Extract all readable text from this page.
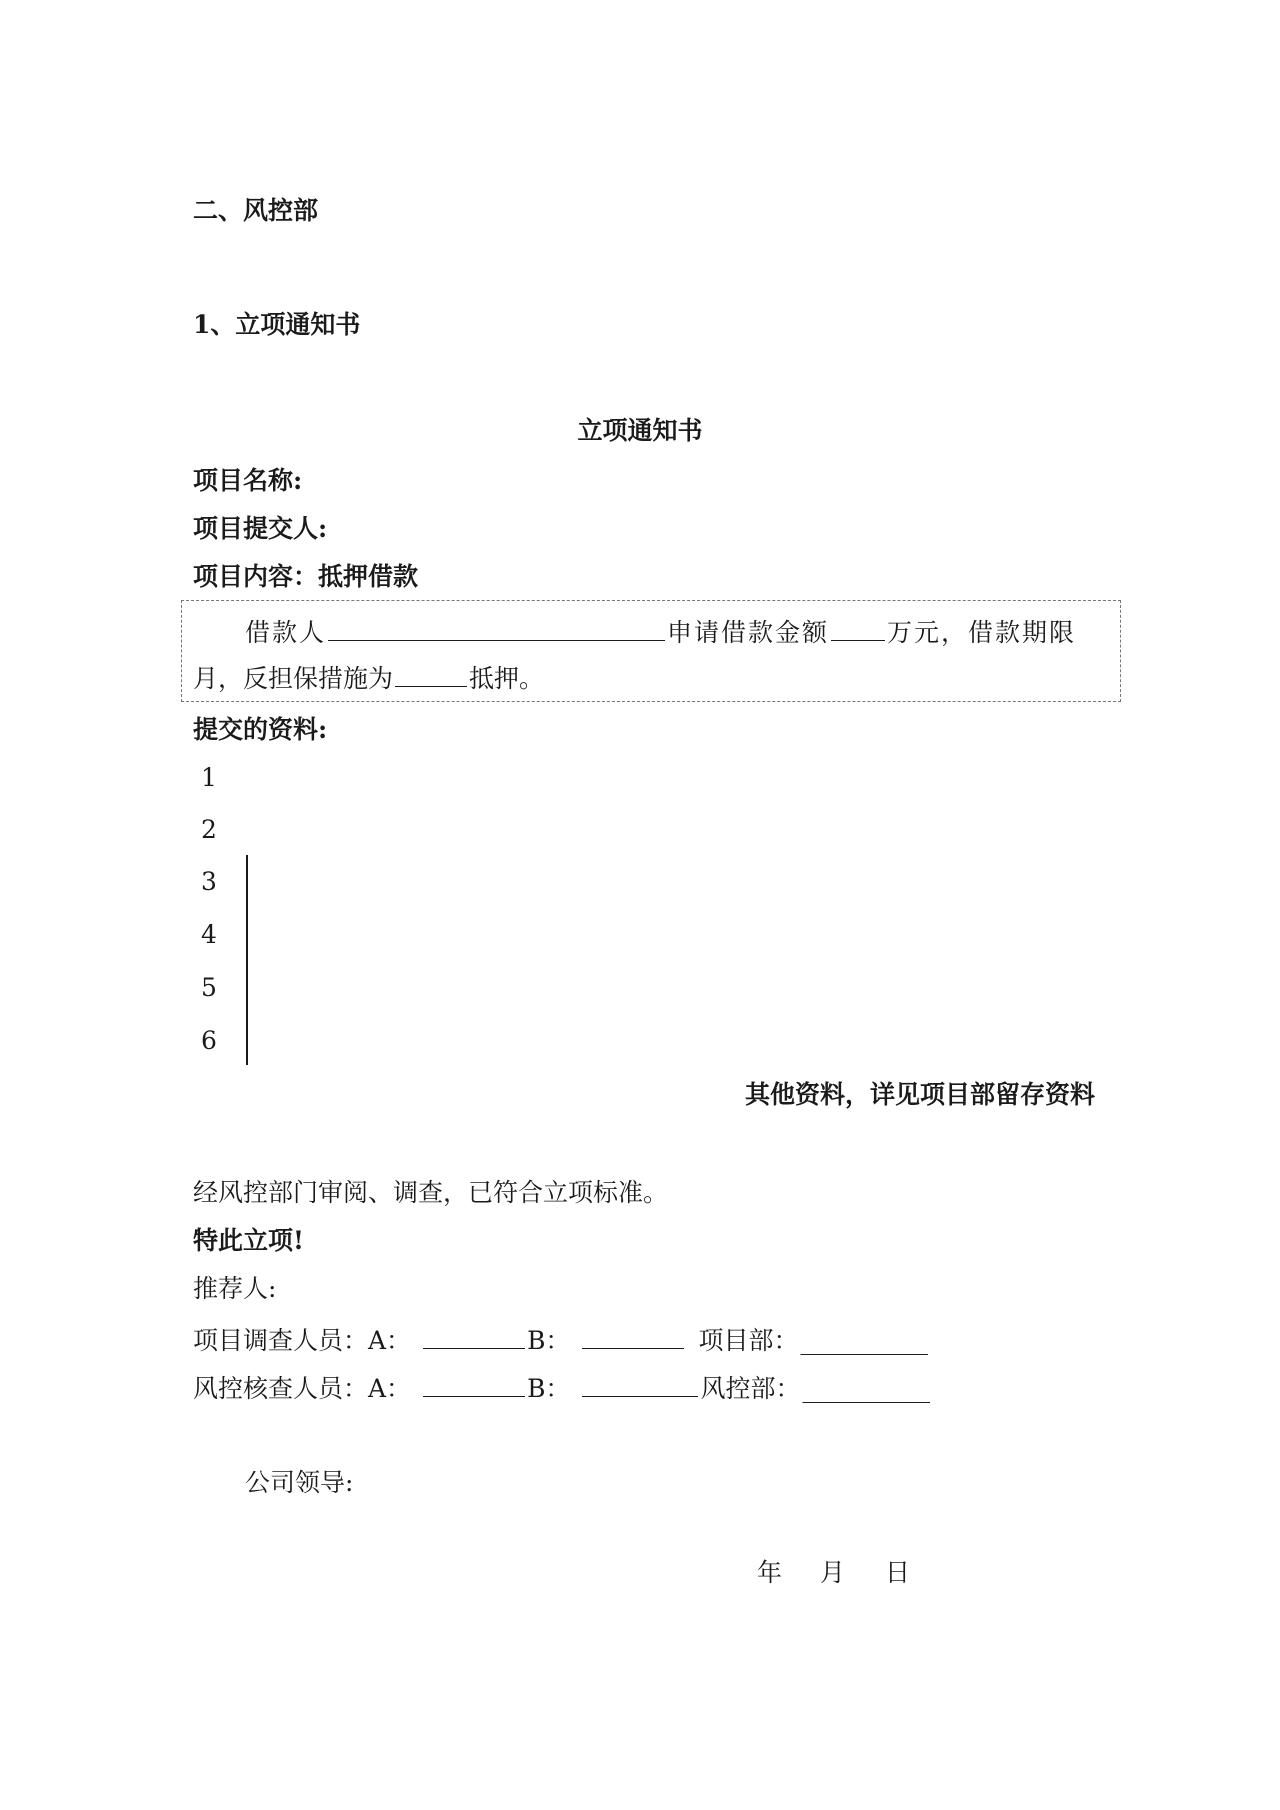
二、风控部
1、立项通知书
立项通知书
项目名称:
项目提交人:
项目内容：抵押借款
借款人	申请借款金额 万元，借款期限
月，反担保措施为	抵押。
提交的资料:
1
2
3
4
5
6
其他资料，详见项目部留存资料
经风控部门审阅、调查，已符合立项标准。
特此立项!
推荐人:
项目调查人员：A：	B：	项目部：___________
风控核查人员：A：	B：	风控部：___________
公司领导:
年 月 日
